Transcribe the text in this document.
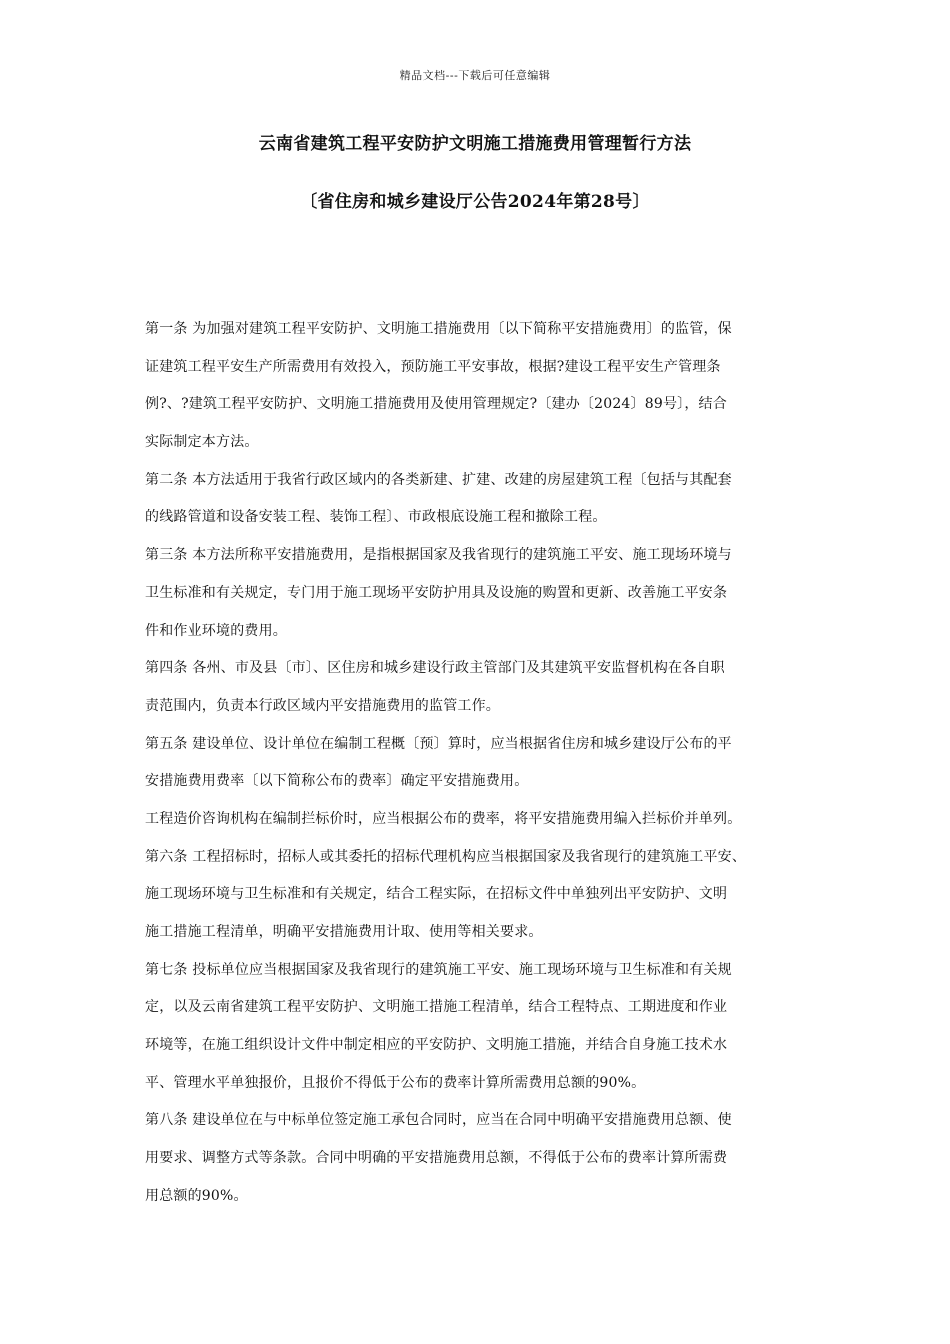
精品文档---下载后可任意编辑
云南省建筑工程平安防护文明施工措施费用管理暂行方法
〔省住房和城乡建设厅公告2024年第28号〕
第一条 为加强对建筑工程平安防护、文明施工措施费用〔以下简称平安措施费用〕的监管，保
证建筑工程平安生产所需费用有效投入，预防施工平安事故，根据?建设工程平安生产管理条
例?、?建筑工程平安防护、文明施工措施费用及使用管理规定?〔建办〔2024〕89号〕，结合
实际制定本方法。
第二条 本方法适用于我省行政区域内的各类新建、扩建、改建的房屋建筑工程〔包括与其配套
的线路管道和设备安装工程、装饰工程〕、市政根底设施工程和撤除工程。
第三条 本方法所称平安措施费用，是指根据国家及我省现行的建筑施工平安、施工现场环境与
卫生标准和有关规定，专门用于施工现场平安防护用具及设施的购置和更新、改善施工平安条
件和作业环境的费用。
第四条 各州、市及县〔市〕、区住房和城乡建设行政主管部门及其建筑平安监督机构在各自职
责范围内，负责本行政区域内平安措施费用的监管工作。
第五条 建设单位、设计单位在编制工程概〔预〕算时，应当根据省住房和城乡建设厅公布的平
安措施费用费率〔以下简称公布的费率〕确定平安措施费用。
工程造价咨询机构在编制拦标价时，应当根据公布的费率，将平安措施费用编入拦标价并单列。
第六条 工程招标时，招标人或其委托的招标代理机构应当根据国家及我省现行的建筑施工平安、
施工现场环境与卫生标准和有关规定，结合工程实际，在招标文件中单独列出平安防护、文明
施工措施工程清单，明确平安措施费用计取、使用等相关要求。
第七条 投标单位应当根据国家及我省现行的建筑施工平安、施工现场环境与卫生标准和有关规
定，以及云南省建筑工程平安防护、文明施工措施工程清单，结合工程特点、工期进度和作业
环境等，在施工组织设计文件中制定相应的平安防护、文明施工措施，并结合自身施工技术水
平、管理水平单独报价，且报价不得低于公布的费率计算所需费用总额的90%。
第八条 建设单位在与中标单位签定施工承包合同时，应当在合同中明确平安措施费用总额、使
用要求、调整方式等条款。合同中明确的平安措施费用总额，不得低于公布的费率计算所需费
用总额的90%。
